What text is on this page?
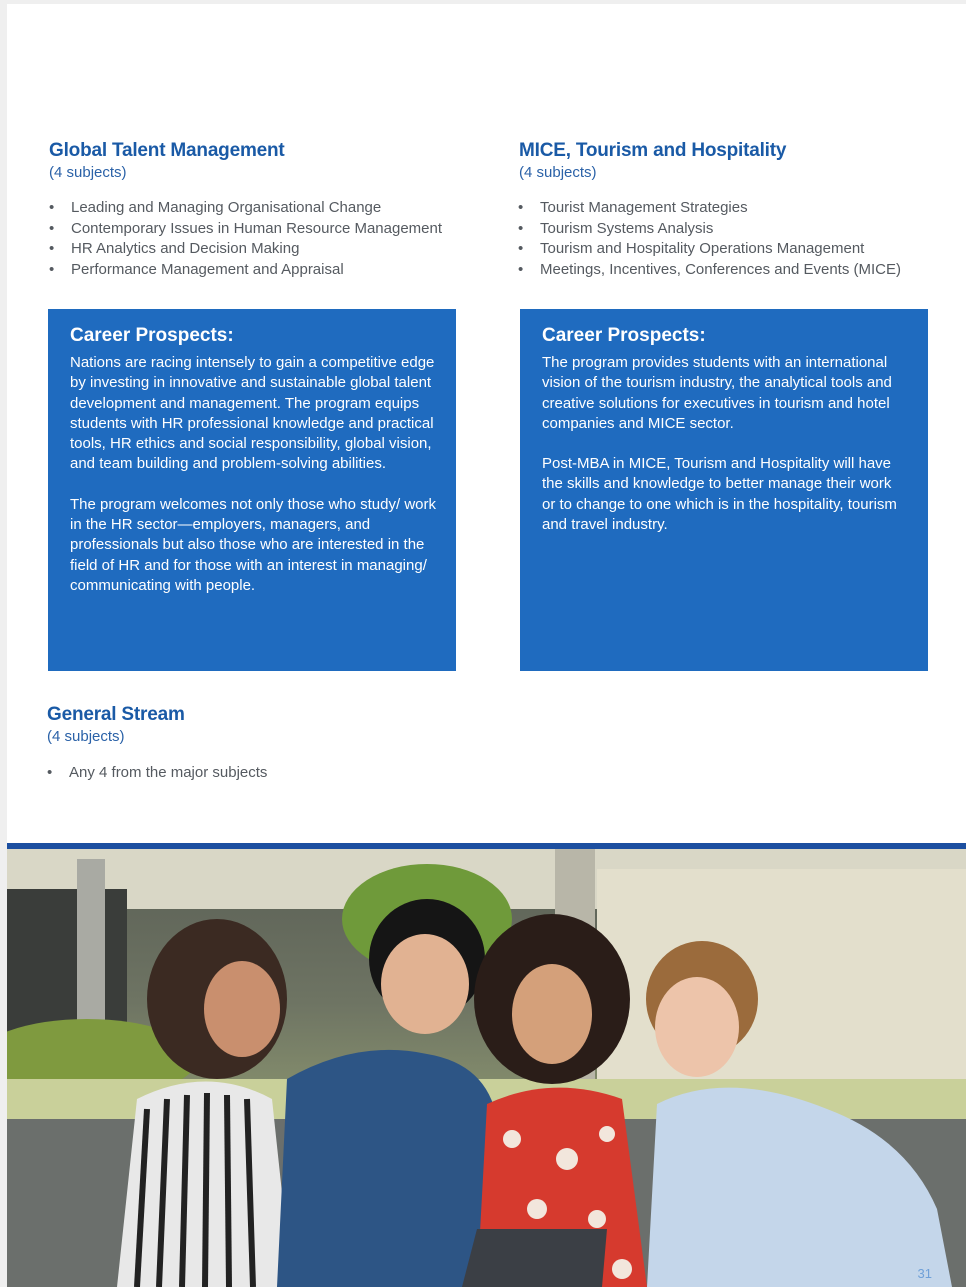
Global Talent Management

(4 subjects)

• Leading and Managing Organisational Change
• Contemporary Issues in Human Resource Management
• HR Analytics and Decision Making
• Performance Management and Appraisal
Career Prospects:

Nations are racing intensely to gain a competitive edge by investing in innovative and sustainable global talent development and management. The program equips students with HR professional knowledge and practical tools, HR ethics and social responsibility, global vision, and team building and problem-solving abilities.

The program welcomes not only those who study/ work in the HR sector—employers, managers, and professionals but also those who are interested in the field of HR and for those with an interest in managing/ communicating with people.

MICE, Tourism and Hospitality

(4 subjects)

• Tourist Management Strategies
• Tourism Systems Analysis
• Tourism and Hospitality Operations Management
• Meetings, Incentives, Conferences and Events (MICE)
Career Prospects:

The program provides students with an international vision of the tourism industry, the analytical tools and creative solutions for executives in tourism and hotel companies and MICE sector.

Post-MBA in MICE, Tourism and Hospitality will have the skills and knowledge to better manage their work or to change to one which is in the hospitality, tourism and travel industry.

General Stream

(4 subjects)

• Any 4 from the major subjects
31
